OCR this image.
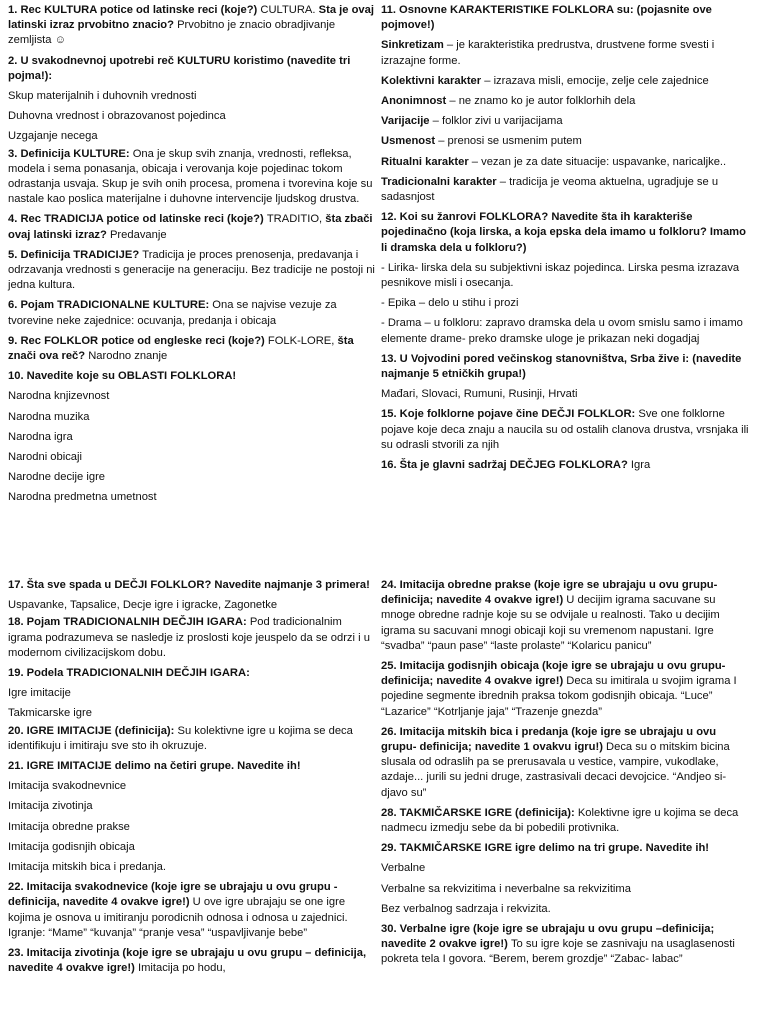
1. Rec KULTURA potice od latinske reci (koje?) CULTURA. Sta je ovaj latinski izraz prvobitno znacio? Prvobitno je znacio obradjivanje zemljista ☺
2. U svakodnevnoj upotrebi reč KULTURU koristimo (navedite tri pojma!):
Skup materijalnih i duhovnih vrednosti
Duhovna vrednost i obrazovanost pojedinca
Uzgajanje necega
3. Definicija KULTURE: Ona je skup svih znanja, vrednosti, refleksa, modela i sema ponasanja, obicaja i verovanja koje pojedinac tokom odrastanja usvaja. Skup je svih onih procesa, promena i tvorevina koje su nastale kao poslica materijalne i duhovne intervencije ljudskog drustva.
4. Rec TRADICIJA potice od latinske reci (koje?) TRADITIO, šta zbači ovaj latinski izraz? Predavanje
5. Definicija TRADICIJE? Tradicija je proces prenosenja, predavanja i odrzavanja vrednosti s generacije na generaciju. Bez tradicije ne postoji ni jedna kultura.
6. Pojam TRADICIONALNE KULTURE: Ona se najvise vezuje za tvorevine neke zajednice: ocuvanja, predanja i obicaja
9. Rec FOLKLOR potice od engleske reci (koje?) FOLK-LORE, šta znači ova reč? Narodno znanje
10. Navedite koje su OBLASTI FOLKLORA!
Narodna knjizevnost
Narodna muzika
Narodna igra
Narodni obicaji
Narodne decije igre
Narodna predmetna umetnost
11. Osnovne KARAKTERISTIKE FOLKLORA su: (pojasnite ove pojmove!)
Sinkretizam – je karakteristika predrustva, drustvene forme svesti i izrazajne forme.
Kolektivni karakter – izrazava misli, emocije, zelje cele zajednice
Anonimnost – ne znamo ko je autor folklorhih dela
Varijacije – folklor zivi u varijacijama
Usmenost – prenosi se usmenim putem
Ritualni karakter – vezan je za date situacije: uspavanke, naricaljke..
Tradicionalni karakter – tradicija je veoma aktuelna, ugradjuje se u sadasnjost
12. Koi su žanrovi FOLKLORA? Navedite šta ih karakteriše pojedinačno (koja lirska, a koja epska dela imamo u folkloru? Imamo li dramska dela u folkloru?)
- Lirika- lirska dela su subjektivni iskaz pojedinca. Lirska pesma izrazava pesnikove misli i osecanja.
- Epika – delo u stihu i prozi
- Drama – u folkloru: zapravo dramska dela u ovom smislu samo i imamo elemente drame- preko dramske uloge je prikazan neki dogadjaj
13. U Vojvodini pored večinskog stanovništva, Srba žive i: (navedite najmanje 5 etničkih grupa!)
Mađari, Slovaci, Rumuni, Rusinji, Hrvati
15. Koje folklorne pojave čine DEČJI FOLKLOR: Sve one folklorne pojave koje deca znaju a naucila su od ostalih clanova drustva, vrsnjaka ili su odrasli stvorili za njih
16. Šta je glavni sadržaj DEČJEG FOLKLORA? Igra
17. Šta sve spada u DEČJI FOLKLOR? Navedite najmanje 3 primera!
Uspavanke, Tapsalice, Decje igre i igracke, Zagonetke
18. Pojam TRADICIONALNIH DEČJIH IGARA: Pod tradicionalnim igrama podrazumeva se nasledje iz proslosti koje jeuspelo da se odrzi i u modernom civilizacijskom dobu.
19. Podela TRADICIONALNIH DEČJIH IGARA:
Igre imitacije
Takmicarske igre
20. IGRE IMITACIJE (definicija): Su kolektivne igre u kojima se deca identifikuju i imitiraju sve sto ih okruzuje.
21. IGRE IMITACIJE delimo na četiri grupe. Navedite ih!
Imitacija svakodnevnice
Imitacija zivotinja
Imitacija obredne prakse
Imitacija godisnjih obicaja
Imitacija mitskih bica i predanja.
22. Imitacija svakodnevice (koje igre se ubrajaju u ovu grupu - definicija, navedite 4 ovakve igre!) U ove igre ubrajaju se one igre kojima je osnova u imitiranju porodicnih odnosa i odnosa u zajednici. Igranje: “Mame” “kuvanja” “pranje vesa” “uspavljivanje bebe”
23. Imitacija zivotinja (koje igre se ubrajaju u ovu grupu – definicija, navedite 4 ovakve igre!) Imitacija po hodu,
24. Imitacija obredne prakse (koje igre se ubrajaju u ovu grupu- definicija; navedite 4 ovakve igre!) U decijim igrama sacuvane su mnoge obredne radnje koje su se odvijale u realnosti. Tako u decijim igrama su sacuvani mnogi obicaji koji su vremenom napustani. Igre “svadba” “paun pase” “laste prolaste” “Kolaricu panicu”
25. Imitacija godisnjih obicaja (koje igre se ubrajaju u ovu grupu- definicija; navedite 4 ovakve igre!) Deca su imitirala u svojim igrama I pojedine segmente ibrednih praksa tokom godisnjih obicaja. “Luce” “Lazarice” “Kotrljanje jaja” “Trazenje gnezda”
26. Imitacija mitskih bica i predanja (koje igre se ubrajaju u ovu grupu- definicija; navedite 1 ovakvu igru!) Deca su o mitskim bicina slusala od odraslih pa se prerusavala u vestice, vampire, vukodlake, azdaje... jurili su jedni druge, zastrasivali decaci devojcice. “Andjeo si- djavo su”
28. TAKMIČARSKE IGRE (definicija): Kolektivne igre u kojima se deca nadmecu izmedju sebe da bi pobedili protivnika.
29. TAKMIČARSKE IGRE igre delimo na tri grupe. Navedite ih!
Verbalne
Verbalne sa rekvizitima i neverbalne sa rekvizitima
Bez verbalnog sadrzaja i rekvizita.
30. Verbalne igre (koje igre se ubrajaju u ovu grupu –definicija; navedite 2 ovakve igre!) To su igre koje se zasnivaju na usaglasenosti pokreta tela I govora. “Berem, berem grozdje” “Zabac- labac”
